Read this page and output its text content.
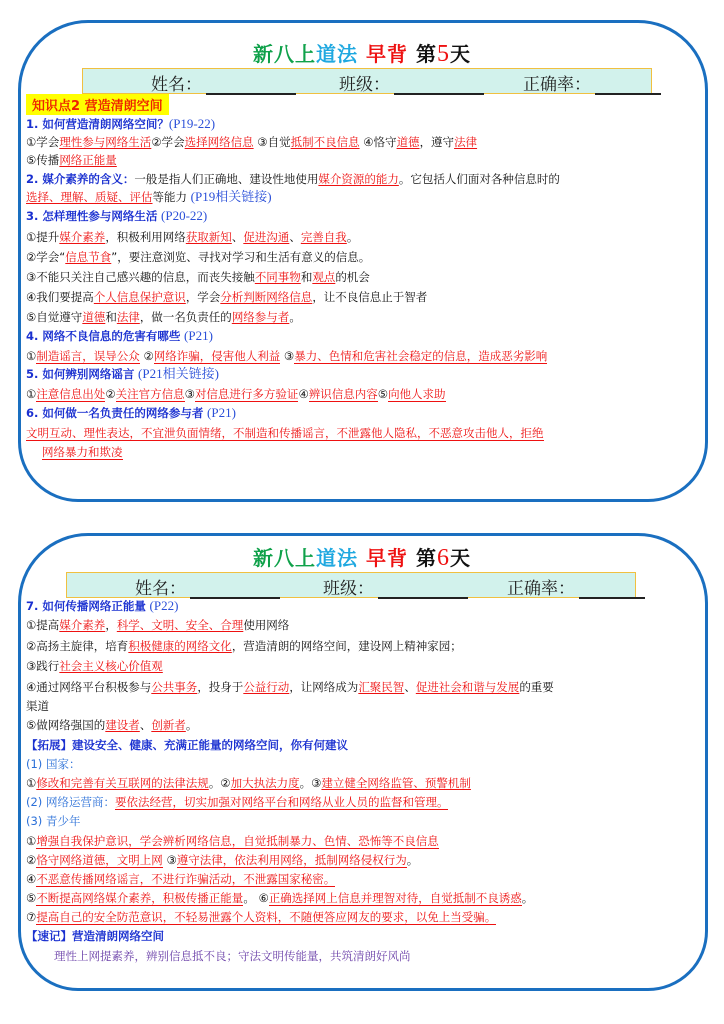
新八上道法 早背 第5天
姓名：	班级：	正确率：
知识点2 营造清朗空间
1. 如何营造清朗网络空间？(P19-22)
①学会理性参与网络生活②学会选择网络信息 ③自觉抵制不良信息 ④恪守道德，遵守法律
⑤传播网络正能量
2. 媒介素养的含义：一般是指人们正确地、建设性地使用媒介资源的能力。它包括人们面对各种信息时的
选择、理解、质疑、评估等能力 (P19相关链接)
3. 怎样理性参与网络生活 (P20-22)
①提升媒介素养，积极利用网络获取新知、促进沟通、完善自我。
②学会“信息节食”，要注意浏览、寻找对学习和生活有意义的信息。
③不能只关注自己感兴趣的信息，而丧失接触不同事物和观点的机会
④我们要提高个人信息保护意识，学会分析判断网络信息，让不良信息止于智者
⑤自觉遵守道德和法律，做一名负责任的网络参与者。
4. 网络不良信息的危害有哪些 (P21)
①制造谣言，误导公众 ②网络诈骗，侵害他人利益 ③暴力、色情和危害社会稳定的信息，造成恶劣影响
5. 如何辨别网络谣言 (P21相关链接)
①注意信息出处②关注官方信息③对信息进行多方验证④辨识信息内容⑤向他人求助
6. 如何做一名负责任的网络参与者 (P21)
文明互动、理性表达，不宜泄负面情绪，不制造和传播谣言，不泄露他人隐私，不恶意攻击他人，拒绝
网络暴力和欺凌
新八上道法 早背 第6天
姓名：	班级：	正确率：
7. 如何传播网络正能量 (P22)
①提高媒介素养，科学、文明、安全、合理使用网络
②高扬主旋律，培育积极健康的网络文化，营造清朗的网络空间，建设网上精神家园；
③践行社会主义核心价值观
④通过网络平台积极参与公共事务，投身于公益行动，让网络成为汇聚民智、促进社会和谐与发展的重要
渠道
⑤做网络强国的建设者、创新者。
【拓展】建设安全、健康、充满正能量的网络空间，你有何建议
(1) 国家：
①修改和完善有关互联网的法律法规。②加大执法力度。③建立健全网络监管、预警机制
(2) 网络运营商：要依法经营，切实加强对网络平台和网络从业人员的监督和管理。
(3) 青少年
①增强自我保护意识，学会辨析网络信息，自觉抵制暴力、色情、恐怖等不良信息
②恪守网络道德，文明上网 ③遵守法律，依法利用网络，抵制网络侵权行为。
④不恶意传播网络谣言，不进行诈骗活动，不泄露国家秘密。
⑤不断提高网络媒介素养，积极传播正能量。 ⑥正确选择网上信息并理智对待，自觉抵制不良诱惑。
⑦提高自己的安全防范意识，不轻易泄露个人资料，不随便答应网友的要求，以免上当受骗。
【速记】营造清朗网络空间
理性上网提素养，辨别信息抵不良；守法文明传能量，共筑清朗好风尚
